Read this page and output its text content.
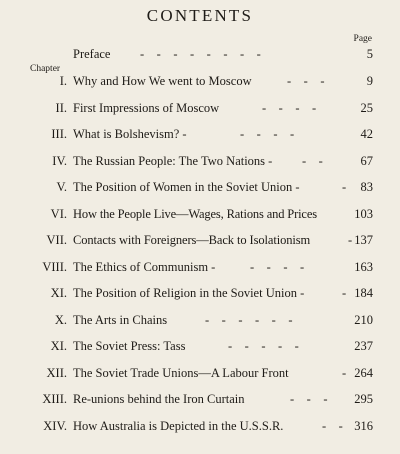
CONTENTS
Page
Preface -    -    -    -    -    -    -    -	5
Chapter
I. Why and How We went to Moscow	-    -    -	9
II. First Impressions of Moscow	-    -    -    -	25
III. What is Bolshevism? -	-    -    -    -	42
IV. The Russian People: The Two Nations - -    -	67
V. The Position of Women in the Soviet Union -	- 83
VI. How the People Live—Wages, Rations and Prices	103
VII. Contacts with Foreigners—Back to Isolationism	- 137
VIII. The Ethics of Communism -	-    -    -    -	163
XI. The Position of Religion in the Soviet Union -	- 184
X. The Arts in Chains	-    -    -    -    -    -	210
XI. The Soviet Press: Tass	-    -    -    -    -	237
XII. The Soviet Trade Unions—A Labour Front	- 264
XIII. Re-unions behind the Iron Curtain	-    -    - 295
XIV. How Australia is Depicted in the U.S.S.R.	-    - 316
